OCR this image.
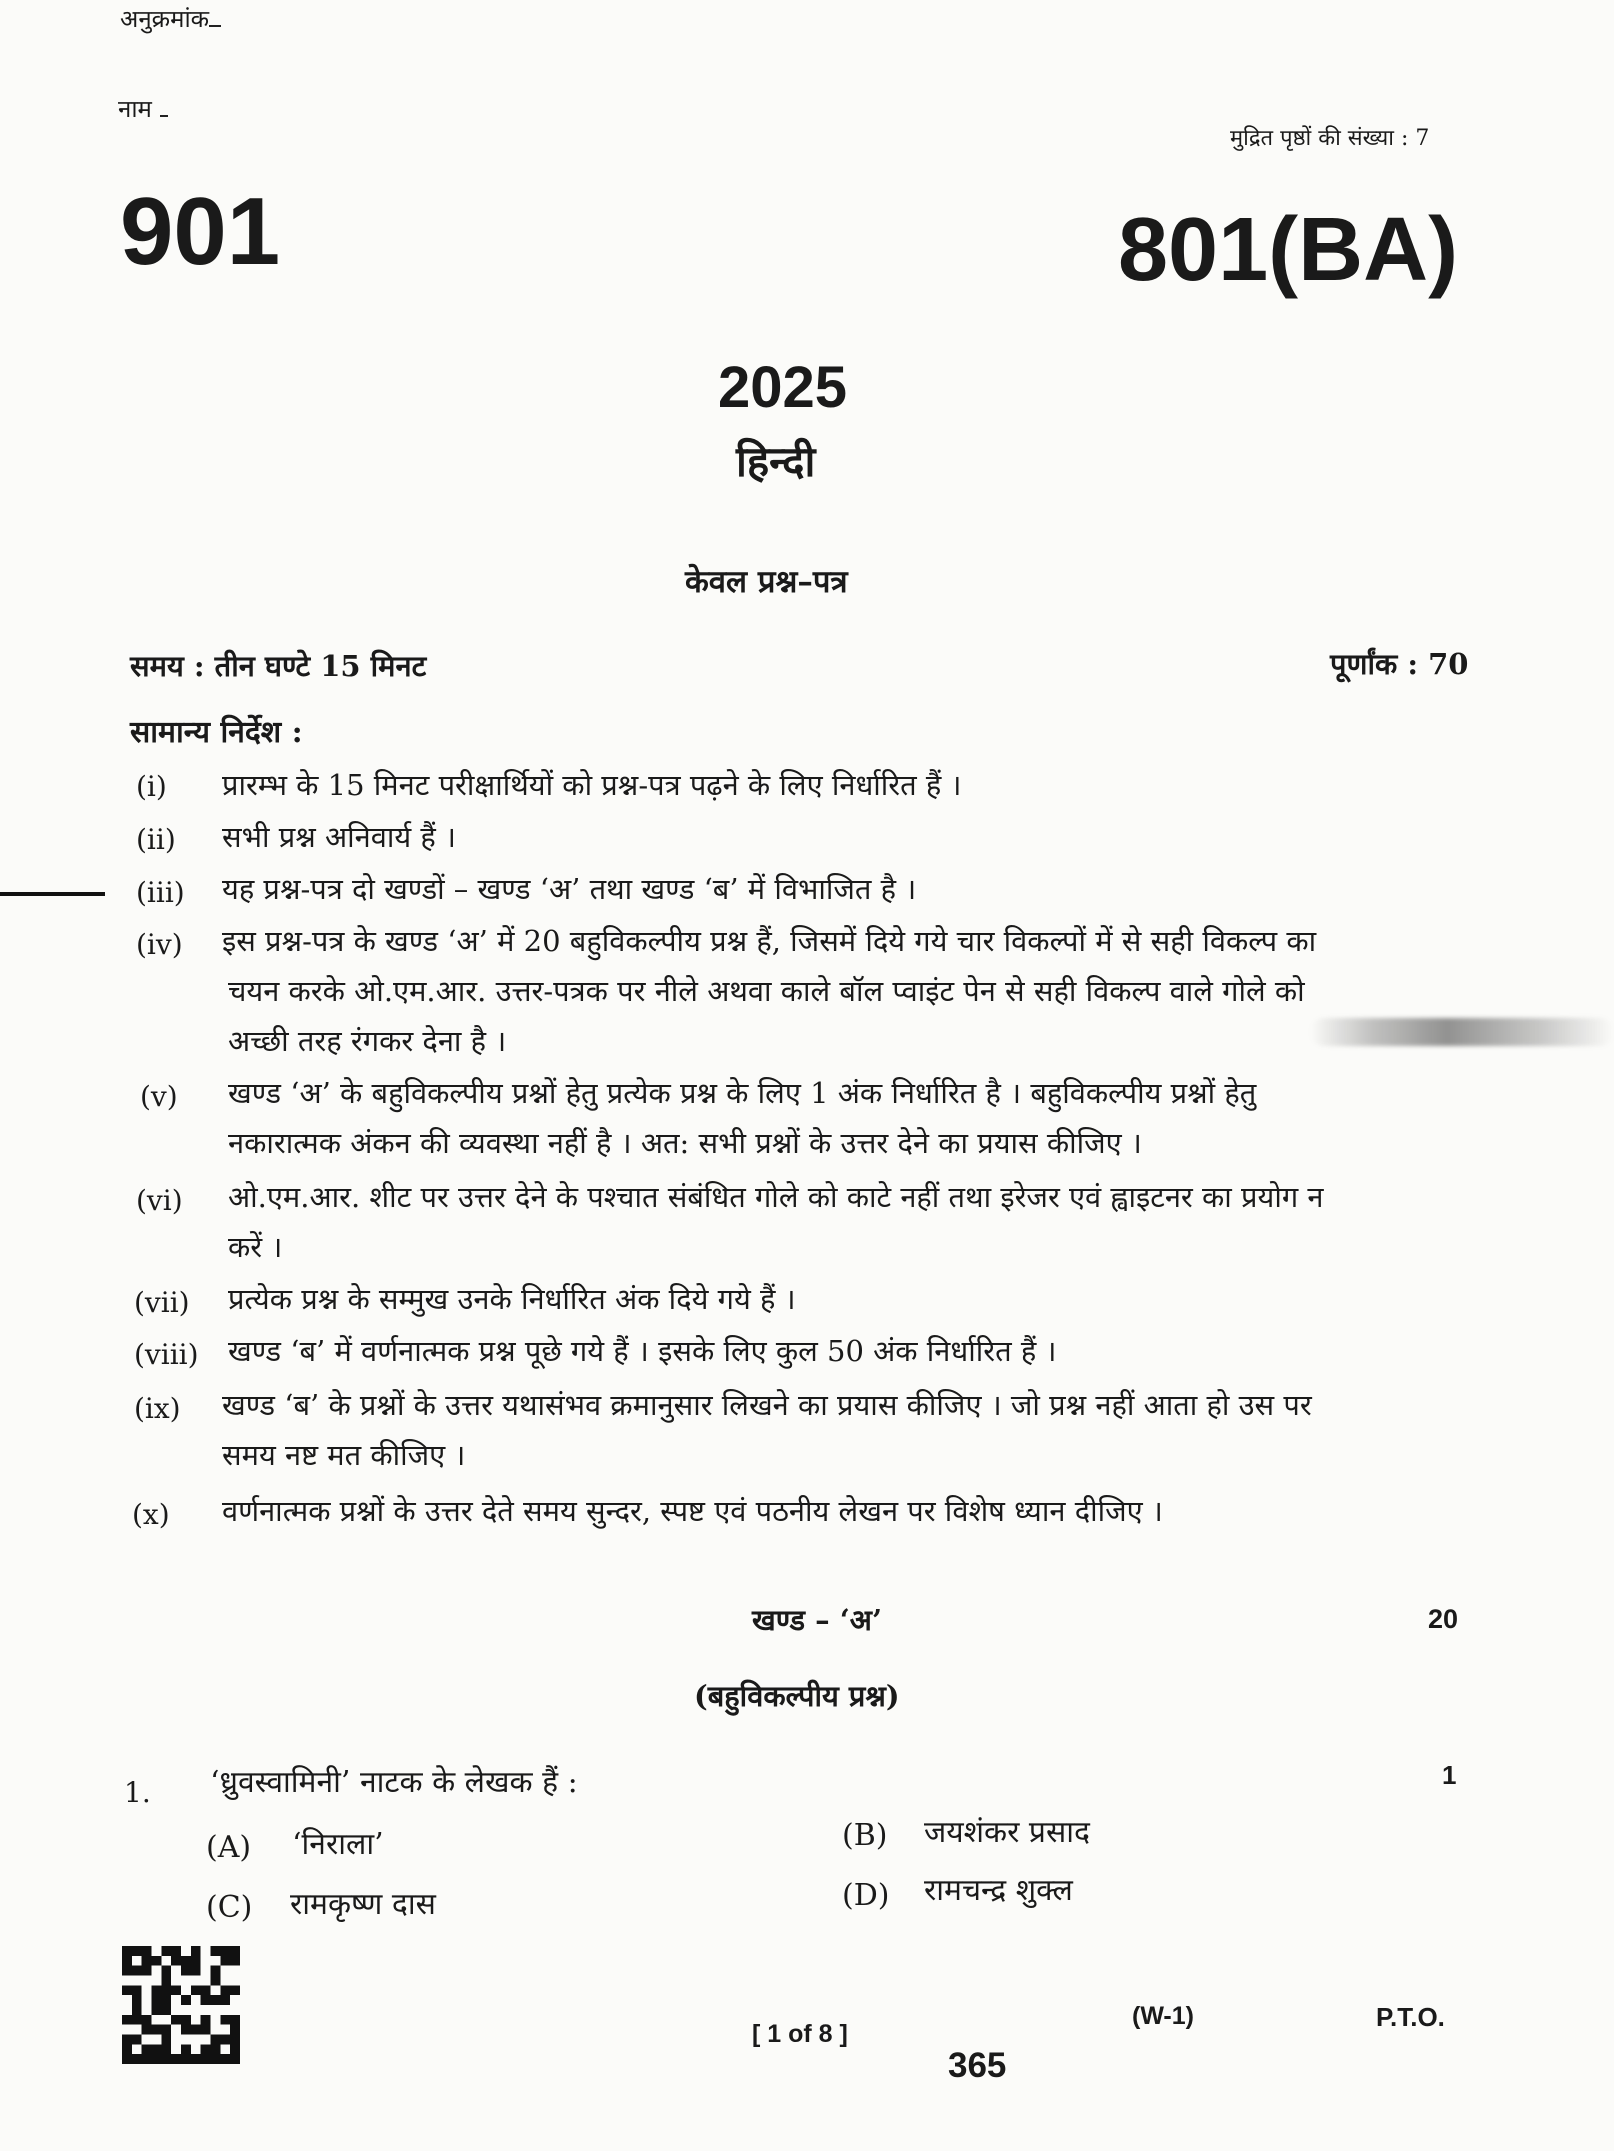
अनुक्रमांक
नाम
मुद्रित पृष्ठों की संख्या : 7
901	801(BA)
2025
हिन्दी
केवल प्रश्न–पत्र
समय : तीन घण्टे 15 मिनट	पूर्णांक : 70
सामान्य निर्देश :
(i) प्रारम्भ के 15 मिनट परीक्षार्थियों को प्रश्न-पत्र पढ़ने के लिए निर्धारित हैं ।
(ii) सभी प्रश्न अनिवार्य हैं ।
(iii) यह प्रश्न-पत्र दो खण्डों – खण्ड ‘अ’ तथा खण्ड ‘ब’ में विभाजित है ।
(iv) इस प्रश्न-पत्र के खण्ड ‘अ’ में 20 बहुविकल्पीय प्रश्न हैं, जिसमें दिये गये चार विकल्पों में से सही विकल्प का
चयन करके ओ.एम.आर. उत्तर-पत्रक पर नीले अथवा काले बॉल प्वाइंट पेन से सही विकल्प वाले गोले को
अच्छी तरह रंगकर देना है ।
(v) खण्ड ‘अ’ के बहुविकल्पीय प्रश्नों हेतु प्रत्येक प्रश्न के लिए 1 अंक निर्धारित है । बहुविकल्पीय प्रश्नों हेतु
नकारात्मक अंकन की व्यवस्था नहीं है । अत: सभी प्रश्नों के उत्तर देने का प्रयास कीजिए ।
(vi) ओ.एम.आर. शीट पर उत्तर देने के पश्चात संबंधित गोले को काटे नहीं तथा इरेजर एवं ह्वाइटनर का प्रयोग न
करें ।
(vii) प्रत्येक प्रश्न के सम्मुख उनके निर्धारित अंक दिये गये हैं ।
(viii) खण्ड ‘ब’ में वर्णनात्मक प्रश्न पूछे गये हैं । इसके लिए कुल 50 अंक निर्धारित हैं ।
(ix) खण्ड ‘ब’ के प्रश्नों के उत्तर यथासंभव क्रमानुसार लिखने का प्रयास कीजिए । जो प्रश्न नहीं आता हो उस पर
समय नष्ट मत कीजिए ।
(x) वर्णनात्मक प्रश्नों के उत्तर देते समय सुन्दर, स्पष्ट एवं पठनीय लेखन पर विशेष ध्यान दीजिए ।
खण्ड – ‘अ’	20
(बहुविकल्पीय प्रश्न)
1. ‘ध्रुवस्वामिनी’ नाटक के लेखक हैं :	1
(A) ‘निराला’	(B) जयशंकर प्रसाद
(C) रामकृष्ण दास	(D) रामचन्द्र शुक्ल
[ 1 of 8 ]
(W-1)	P.T.O.
365
